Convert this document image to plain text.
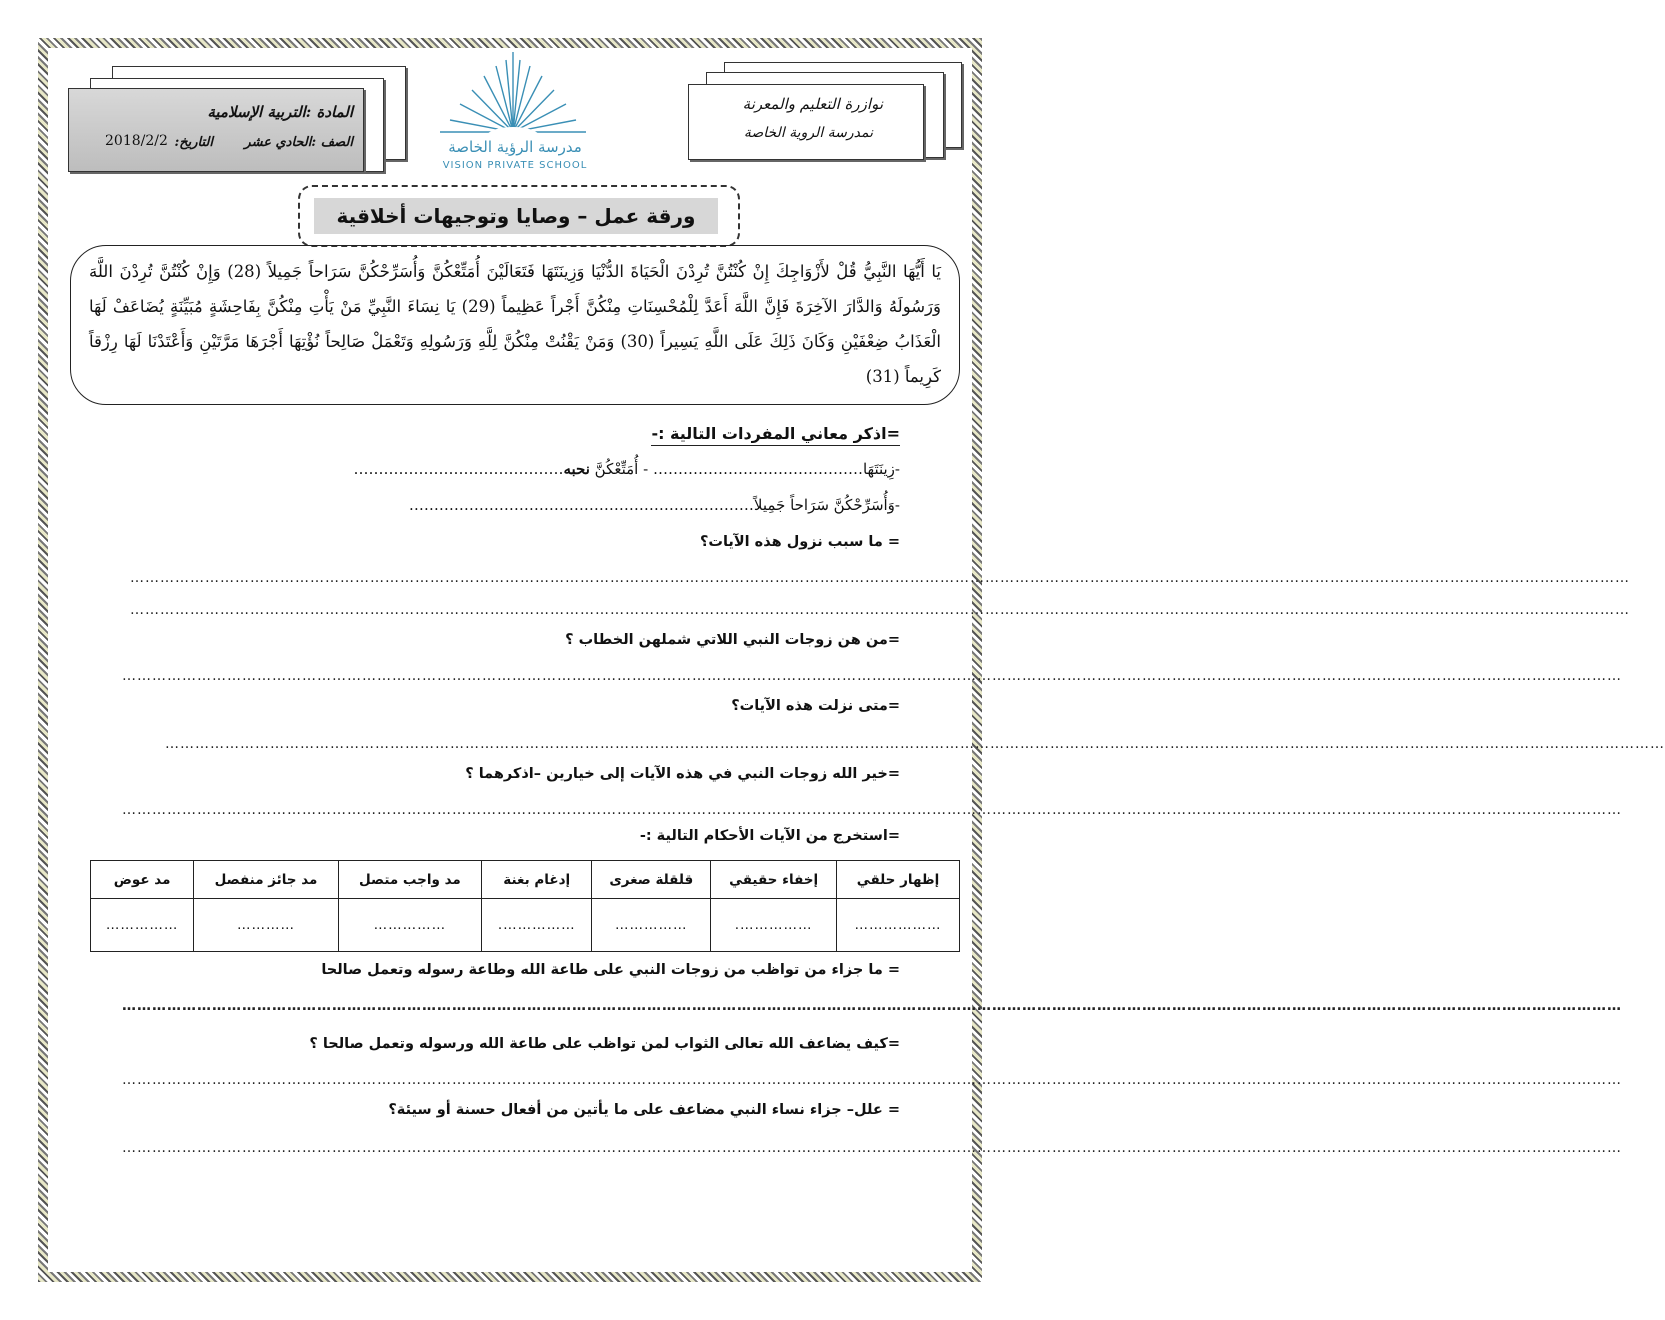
المادة :التربية الإسلامية
الصف :الحادي عشر
التاريخ:
2018/2/2
نوازرة التعليم والمعرنة
نمدرسة الروية الخاصة
مدرسة الرؤية الخاصة
VISION PRIVATE SCHOOL
ورقة عمل – وصايا وتوجيهات أخلاقية
يَا أَيُّهَا النَّبِيُّ قُلْ لأَزْوَاجِكَ إِنْ كُنْتُنَّ تُرِدْنَ الْحَيَاةَ الدُّنْيَا وَزِينَتَهَا فَتَعَالَيْنَ أُمَتِّعْكُنَّ وَأُسَرِّحْكُنَّ سَرَاحاً جَمِيلاً (28) وَإِنْ كُنْتُنَّ تُرِدْنَ اللَّهَ وَرَسُولَهُ وَالدَّارَ الآخِرَةَ فَإِنَّ اللَّهَ أَعَدَّ لِلْمُحْسِنَاتِ مِنْكُنَّ أَجْراً عَظِيماً (29) يَا نِسَاءَ النَّبِيِّ مَنْ يَأْتِ مِنْكُنَّ بِفَاحِشَةٍ مُبَيِّنَةٍ يُضَاعَفْ لَهَا الْعَذَابُ ضِعْفَيْنِ وَكَانَ ذَلِكَ عَلَى اللَّهِ يَسِيراً (30) وَمَنْ يَقْنُتْ مِنْكُنَّ لِلَّهِ وَرَسُولِهِ وَتَعْمَلْ صَالِحاً نُؤْتِهَا أَجْرَهَا مَرَّتَيْنِ وَأَعْتَدْنَا لَهَا رِزْقاً كَرِيماً (31)
=اذكر معاني المفردات التالية :-
-زِينَتَهَا…………………………………… - أُمَتِّعْكُنَّ نحبه……………………………………
-وَأُسَرِّحْكُنَّ سَرَاحاً جَمِيلاً……………………………………………………………
= ما سبب نزول هذه الآيات؟
…………………………………………………………………………………………………………………………………………………………………………………………………………………………………………………………………………
…………………………………………………………………………………………………………………………………………………………………………………………………………………………………………………………………………
=من هن زوجات النبي اللاتي شملهن الخطاب ؟
…………………………………………………………………………………………………………………………………………………………………………………………………………………………………………………………………………
=متى نزلت هذه الآيات؟
…………………………………………………………………………………………………………………………………………………………………………………………………………………………………………………………………………
=خير الله زوجات النبي في هذه الآيات إلى خيارين –اذكرهما ؟
…………………………………………………………………………………………………………………………………………………………………………………………………………………………………………………………………………
=استخرج من الآيات الأحكام التالية :-
إظهار حلقي	إخفاء حقيقي	قلقلة صغرى	إدغام بغنة	مد واجب متصل	مد جائز منفصل	مد عوض
………………	…………….	……………	…………….	……………	…………	……………
= ما جزاء من تواظب من زوجات النبي على طاعة الله وطاعة رسوله وتعمل صالحا
…………………………………………………………………………………………………………………………………………………………………………………………………………………………………………………………………………
=كيف يضاعف الله تعالى الثواب لمن تواظب على طاعة الله ورسوله وتعمل صالحا ؟
…………………………………………………………………………………………………………………………………………………………………………………………………………………………………………………………………………
= علل– جزاء نساء النبي مضاعف على ما يأتين من أفعال حسنة أو سيئة؟
…………………………………………………………………………………………………………………………………………………………………………………………………………………………………………………………………………
